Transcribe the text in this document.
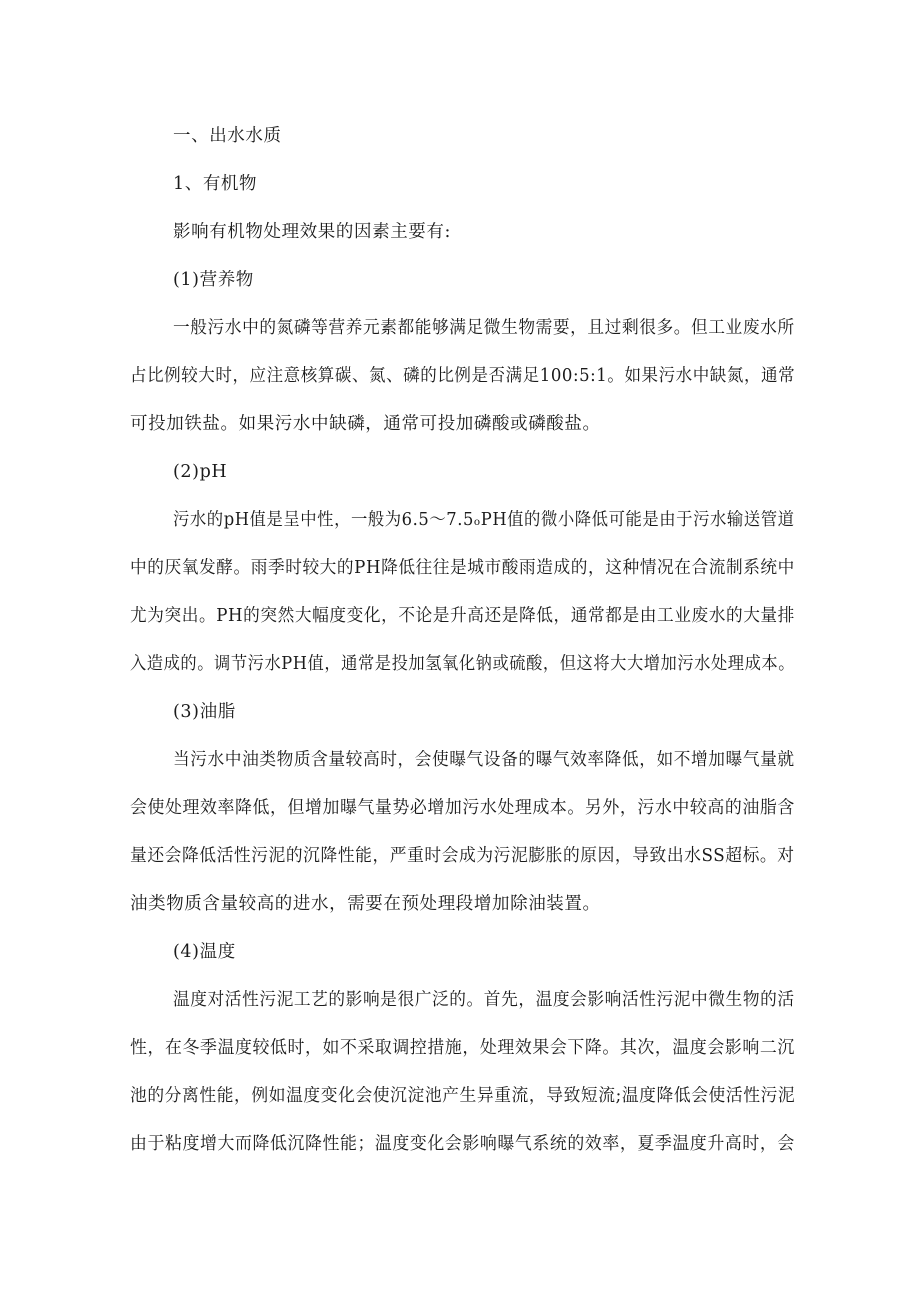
一、出水水质
1、有机物
影响有机物处理效果的因素主要有:
(1)营养物
一般污水中的氮磷等营养元素都能够满足微生物需要，且过剩很多。但工业废水所
占比例较大时，应注意核算碳、氮、磷的比例是否满足100:5:1。如果污水中缺氮，通常
可投加铁盐。如果污水中缺磷，通常可投加磷酸或磷酸盐。
(2)pH
污水的pH值是呈中性，一般为6.5～7.5ₒPH值的微小降低可能是由于污水输送管道
中的厌氧发酵。雨季时较大的PH降低往往是城市酸雨造成的，这种情况在合流制系统中
尤为突出。PH的突然大幅度变化，不论是升高还是降低，通常都是由工业废水的大量排
入造成的。调节污水PH值，通常是投加氢氧化钠或硫酸，但这将大大增加污水处理成本。
(3)油脂
当污水中油类物质含量较高时，会使曝气设备的曝气效率降低，如不增加曝气量就
会使处理效率降低，但增加曝气量势必增加污水处理成本。另外，污水中较高的油脂含
量还会降低活性污泥的沉降性能，严重时会成为污泥膨胀的原因，导致出水SS超标。对
油类物质含量较高的进水，需要在预处理段增加除油装置。
(4)温度
温度对活性污泥工艺的影响是很广泛的。首先，温度会影响活性污泥中微生物的活
性，在冬季温度较低时，如不采取调控措施，处理效果会下降。其次，温度会影响二沉
池的分离性能，例如温度变化会使沉淀池产生异重流，导致短流;温度降低会使活性污泥
由于粘度增大而降低沉降性能；温度变化会影响曝气系统的效率，夏季温度升高时，会
